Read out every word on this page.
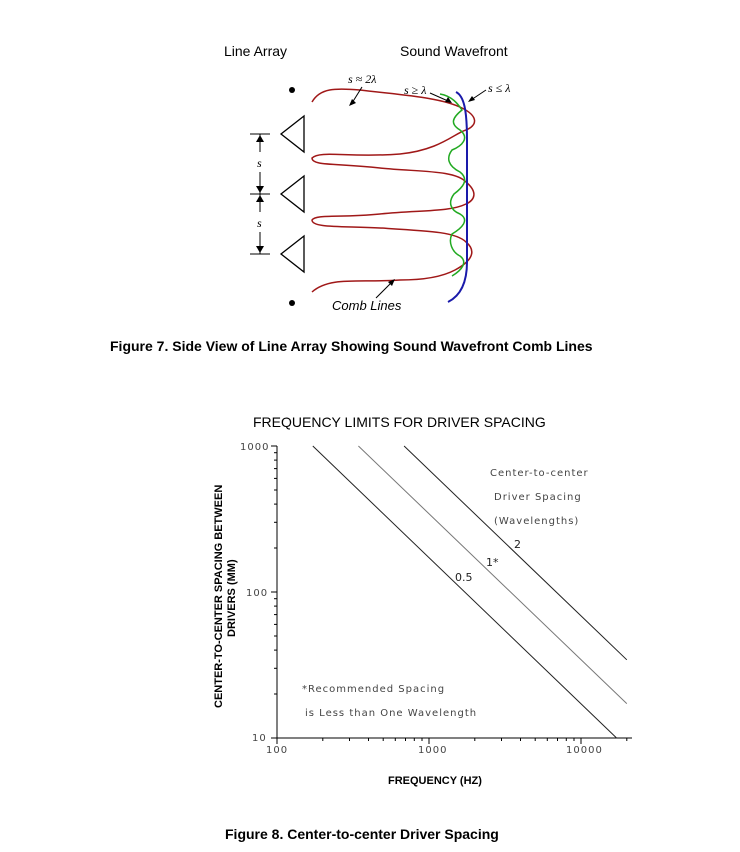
Line Array	Sound Wavefront
s
s
s ≈ 2λ
s ≥ λ	s ≤ λ
Comb Lines
Figure 7. Side View of Line Array Showing Sound Wavefront Comb Lines
FREQUENCY LIMITS FOR DRIVER SPACING
1000
100
10
100	1000	10000
FREQUENCY (HZ)
CENTER-TO-CENTER SPACING BETWEEN DRIVERS (MM)	0.5
1*
2
Center-to-center
Driver Spacing
(Wavelengths)
*Recommended Spacing
is Less than One Wavelength
Figure 8. Center-to-center Driver Spacing
